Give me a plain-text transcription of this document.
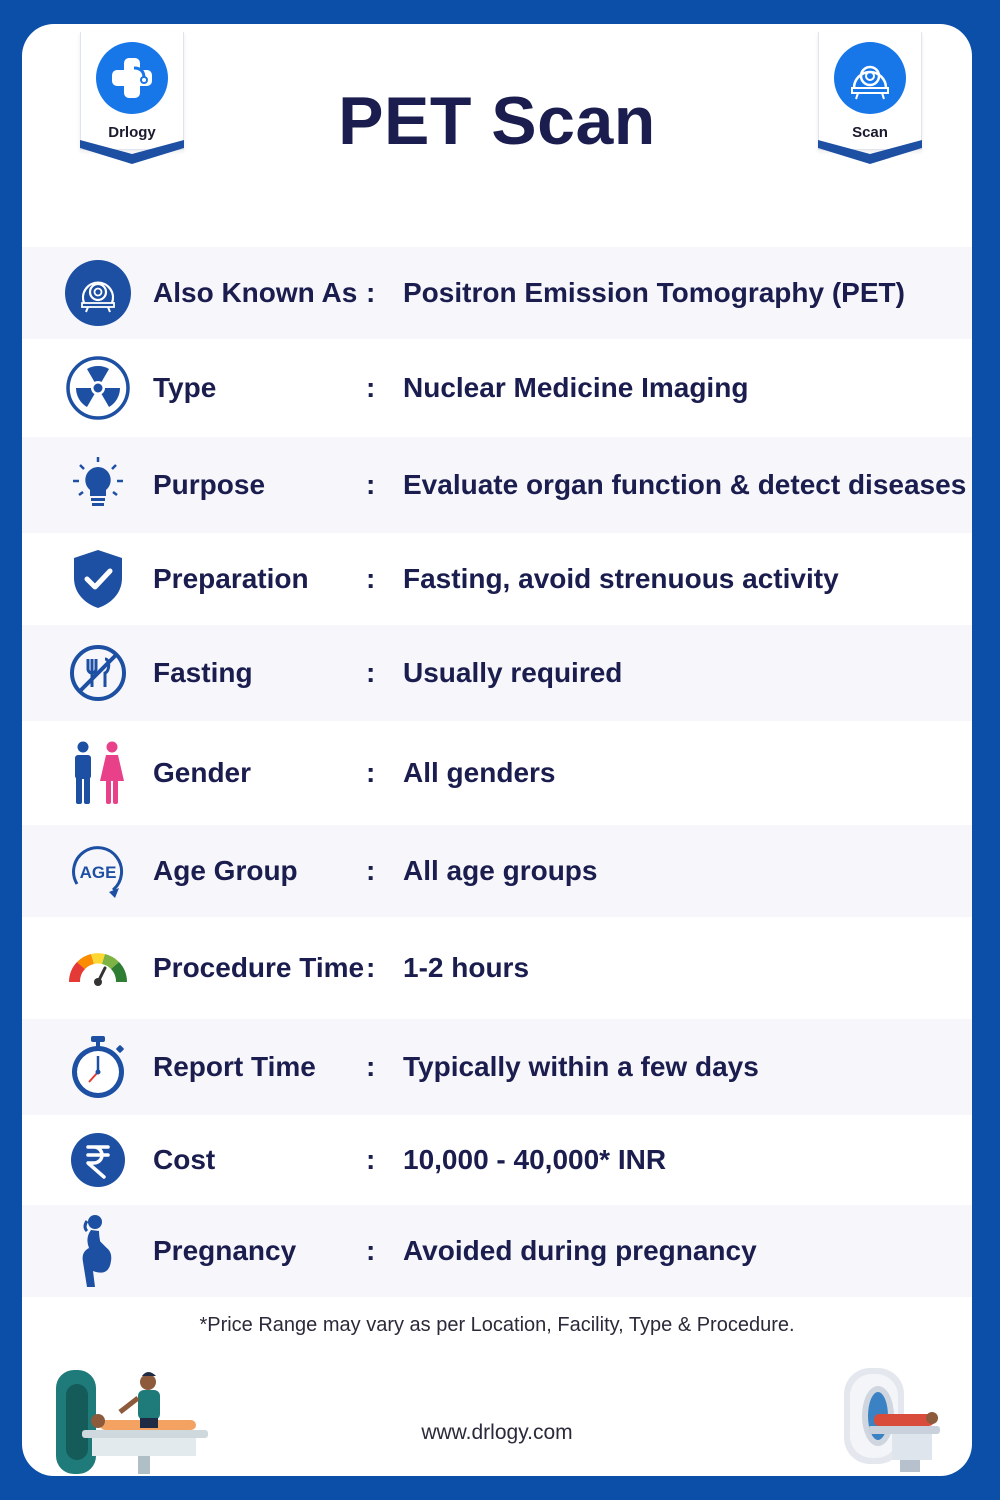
Drlogy	PET Scan	Scan
Also Known As : Positron Emission Tomography (PET)
Type	: Nuclear Medicine Imaging
Purpose	: Evaluate organ function & detect diseases
Preparation : Fasting, avoid strenuous activity
Fasting	: Usually required
Gender	: All genders
AGE Age Group : All age groups
Procedure Time : 1-2 hours
Report Time : Typically within a few days
Cost	: 10,000 - 40,000* INR
Pregnancy : Avoided during pregnancy
*Price Range may vary as per Location, Facility, Type & Procedure.
www.drlogy.com
